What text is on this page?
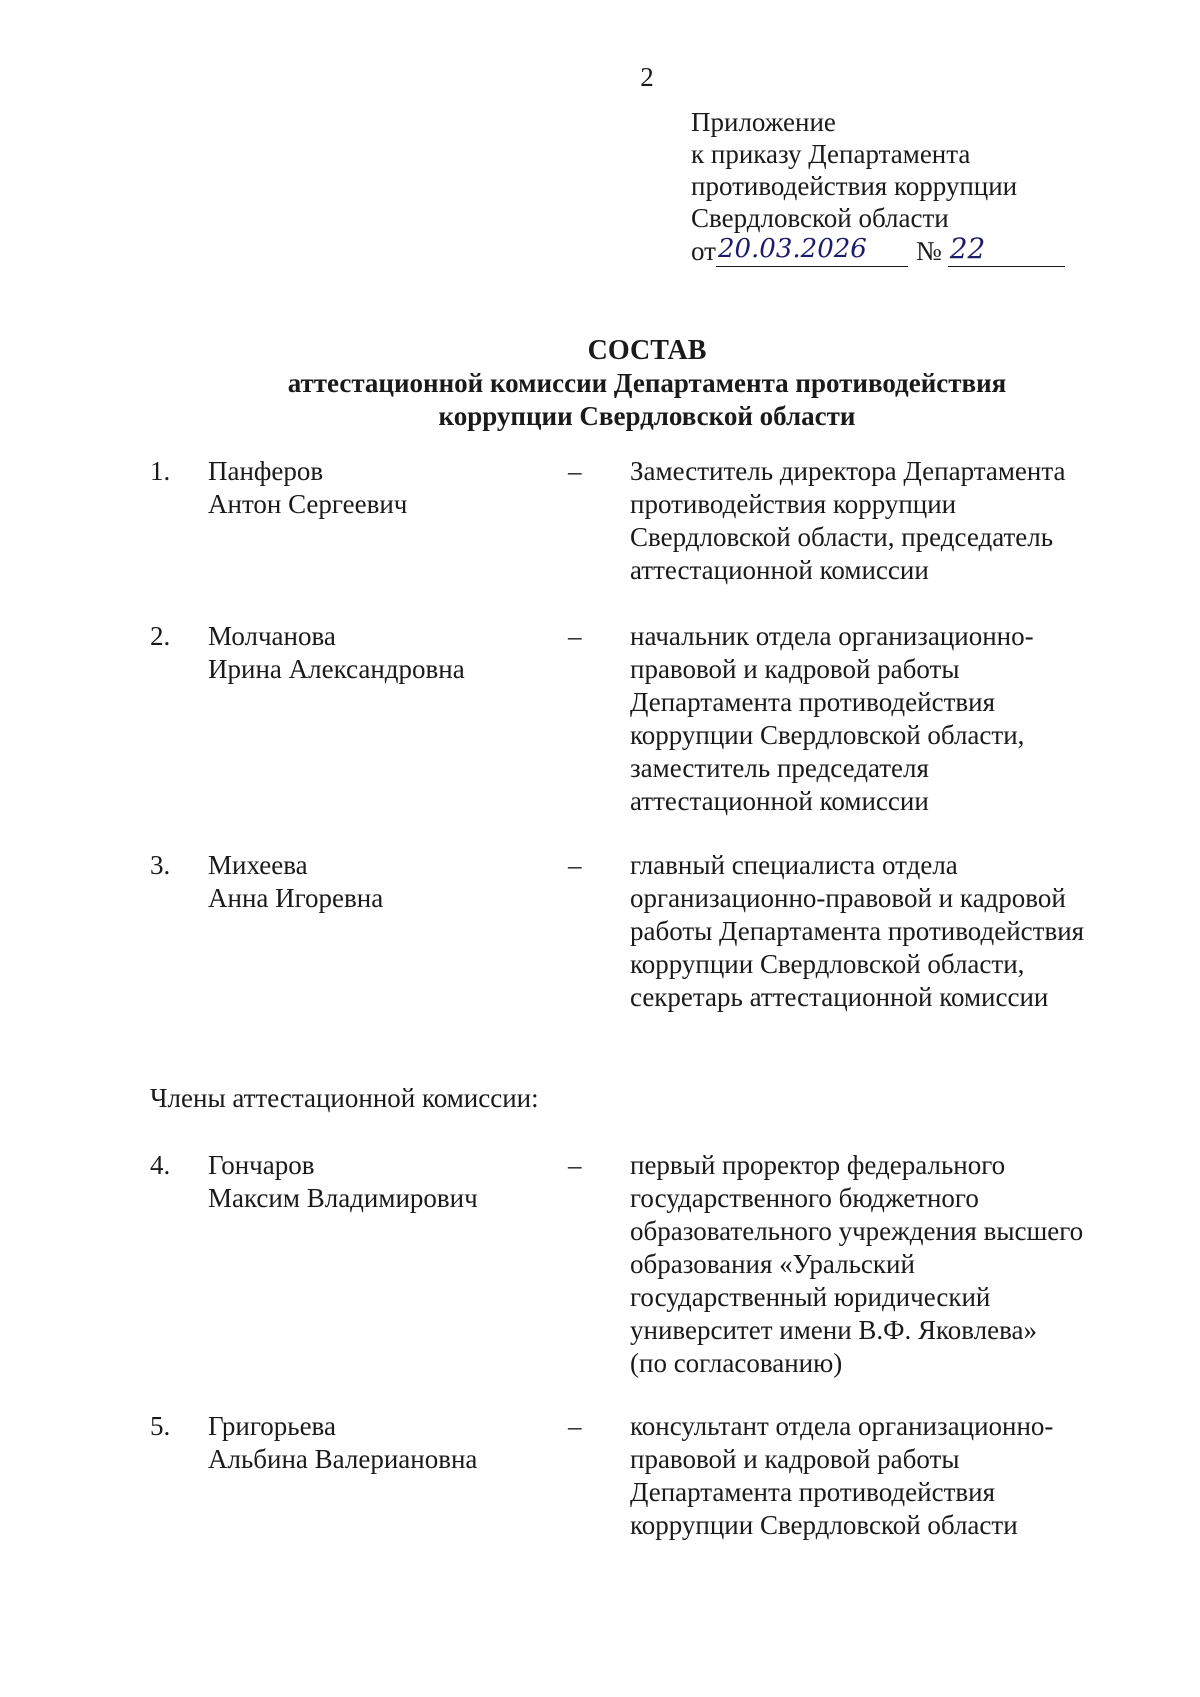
2
Приложение
к приказу Департамента
противодействия коррупции
Свердловской области
от 20.03.2026	№ 22
СОСТАВ
аттестационной комиссии Департамента противодействия
коррупции Свердловской области
1.	Панферов
Антон Сергеевич
–	Заместитель директора Департамента
противодействия коррупции
Свердловской области, председатель
аттестационной комиссии
2.	Молчанова
Ирина Александровна
–	начальник отдела организационно-
правовой и кадровой работы
Департамента противодействия
коррупции Свердловской области,
заместитель председателя
аттестационной комиссии
3.	Михеева
Анна Игоревна
–	главный специалиста отдела
организационно-правовой и кадровой
работы Департамента противодействия
коррупции Свердловской области,
секретарь аттестационной комиссии
Члены аттестационной комиссии:
4.	Гончаров
Максим Владимирович
–	первый проректор федерального
государственного бюджетного
образовательного учреждения высшего
образования «Уральский
государственный юридический
университет имени В.Ф. Яковлева»
(по согласованию)
5.	Григорьева
Альбина Валериановна
–	консультант отдела организационно-
правовой и кадровой работы
Департамента противодействия
коррупции Свердловской области
